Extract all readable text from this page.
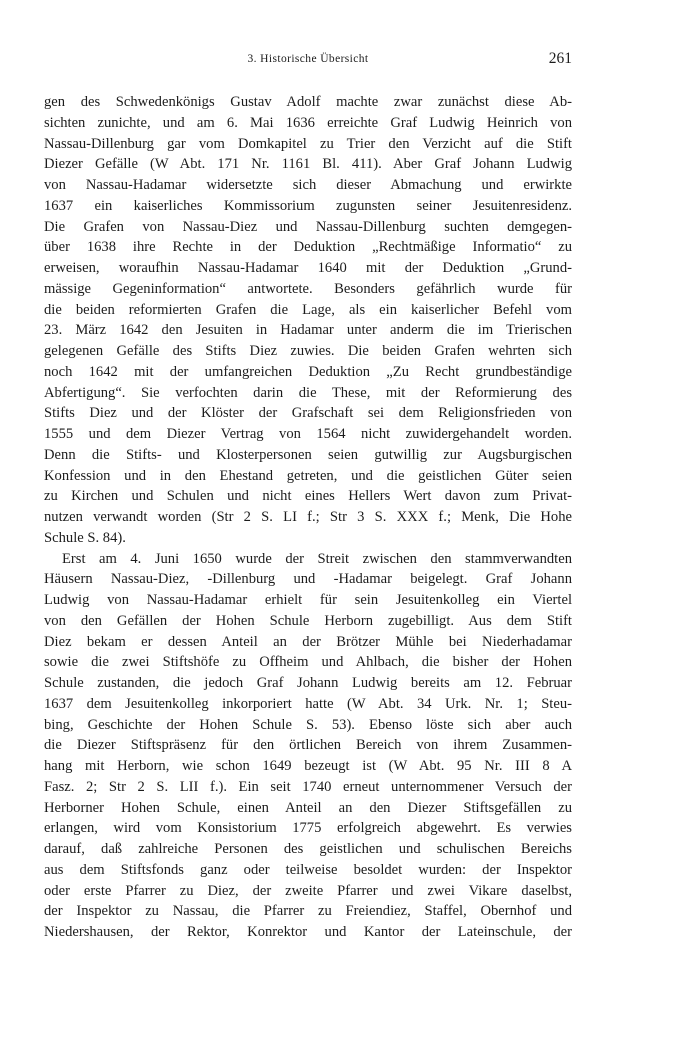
3. Historische Übersicht	261
gen des Schwedenkönigs Gustav Adolf machte zwar zunächst diese Ab-
sichten zunichte, und am 6. Mai 1636 erreichte Graf Ludwig Heinrich von
Nassau-Dillenburg gar vom Domkapitel zu Trier den Verzicht auf die Stift
Diezer Gefälle (W Abt. 171 Nr. 1161 Bl. 411). Aber Graf Johann Ludwig
von Nassau-Hadamar widersetzte sich dieser Abmachung und erwirkte
1637 ein kaiserliches Kommissorium zugunsten seiner Jesuitenresidenz.
Die Grafen von Nassau-Diez und Nassau-Dillenburg suchten demgegen-
über 1638 ihre Rechte in der Deduktion „Rechtmäßige Informatio“ zu
erweisen, woraufhin Nassau-Hadamar 1640 mit der Deduktion „Grund-
mässige Gegeninformation“ antwortete. Besonders gefährlich wurde für
die beiden reformierten Grafen die Lage, als ein kaiserlicher Befehl vom
23. März 1642 den Jesuiten in Hadamar unter anderm die im Trierischen
gelegenen Gefälle des Stifts Diez zuwies. Die beiden Grafen wehrten sich
noch 1642 mit der umfangreichen Deduktion „Zu Recht grundbeständige
Abfertigung“. Sie verfochten darin die These, mit der Reformierung des
Stifts Diez und der Klöster der Grafschaft sei dem Religionsfrieden von
1555 und dem Diezer Vertrag von 1564 nicht zuwidergehandelt worden.
Denn die Stifts- und Klosterpersonen seien gutwillig zur Augsburgischen
Konfession und in den Ehestand getreten, und die geistlichen Güter seien
zu Kirchen und Schulen und nicht eines Hellers Wert davon zum Privat-
nutzen verwandt worden (Str 2 S. LI f.; Str 3 S. XXX f.; Menk, Die Hohe
Schule S. 84).
Erst am 4. Juni 1650 wurde der Streit zwischen den stammverwandten
Häusern Nassau-Diez, -Dillenburg und -Hadamar beigelegt. Graf Johann
Ludwig von Nassau-Hadamar erhielt für sein Jesuitenkolleg ein Viertel
von den Gefällen der Hohen Schule Herborn zugebilligt. Aus dem Stift
Diez bekam er dessen Anteil an der Brötzer Mühle bei Niederhadamar
sowie die zwei Stiftshöfe zu Offheim und Ahlbach, die bisher der Hohen
Schule zustanden, die jedoch Graf Johann Ludwig bereits am 12. Februar
1637 dem Jesuitenkolleg inkorporiert hatte (W Abt. 34 Urk. Nr. 1; Steu-
bing, Geschichte der Hohen Schule S. 53). Ebenso löste sich aber auch
die Diezer Stiftspräsenz für den örtlichen Bereich von ihrem Zusammen-
hang mit Herborn, wie schon 1649 bezeugt ist (W Abt. 95 Nr. III 8 A
Fasz. 2; Str 2 S. LII f.). Ein seit 1740 erneut unternommener Versuch der
Herborner Hohen Schule, einen Anteil an den Diezer Stiftsgefällen zu
erlangen, wird vom Konsistorium 1775 erfolgreich abgewehrt. Es verwies
darauf, daß zahlreiche Personen des geistlichen und schulischen Bereichs
aus dem Stiftsfonds ganz oder teilweise besoldet wurden: der Inspektor
oder erste Pfarrer zu Diez, der zweite Pfarrer und zwei Vikare daselbst,
der Inspektor zu Nassau, die Pfarrer zu Freiendiez, Staffel, Obernhof und
Niedershausen, der Rektor, Konrektor und Kantor der Lateinschule, der
